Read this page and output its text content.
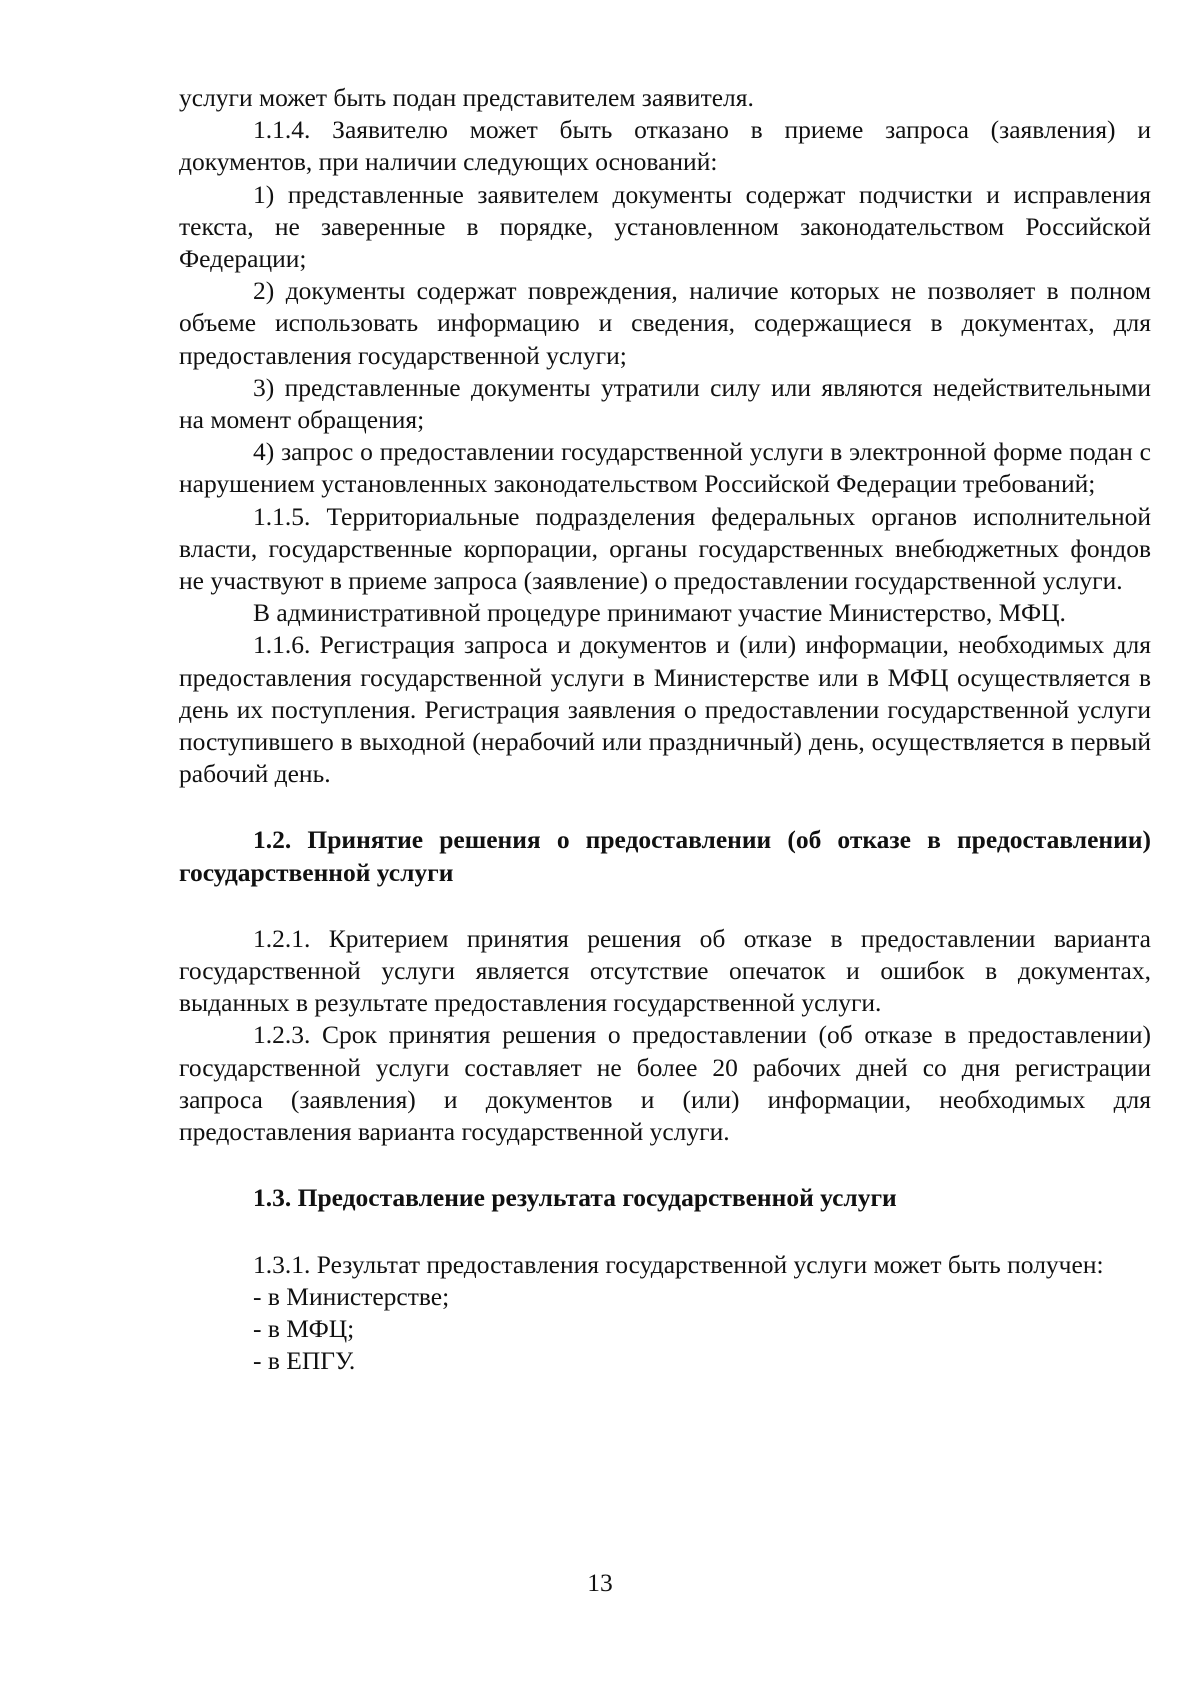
услуги может быть подан представителем заявителя.

1.1.4. Заявителю может быть отказано в приеме запроса (заявления) и документов, при наличии следующих оснований:

1) представленные заявителем документы содержат подчистки и исправления текста, не заверенные в порядке, установленном законодательством Российской Федерации;

2) документы содержат повреждения, наличие которых не позволяет в полном объеме использовать информацию и сведения, содержащиеся в документах, для предоставления государственной услуги;

3) представленные документы утратили силу или являются недействительными на момент обращения;

4) запрос о предоставлении государственной услуги в электронной форме подан с нарушением установленных законодательством Российской Федерации требований;

1.1.5. Территориальные подразделения федеральных органов исполнительной власти, государственные корпорации, органы государственных внебюджетных фондов не участвуют в приеме запроса (заявление) о предоставлении государственной услуги.

В административной процедуре принимают участие Министерство, МФЦ.

1.1.6. Регистрация запроса и документов и (или) информации, необходимых для предоставления государственной услуги в Министерстве или в МФЦ осуществляется в день их поступления. Регистрация заявления о предоставлении государственной услуги поступившего в выходной (нерабочий или праздничный) день, осуществляется в первый рабочий день.

1.2. Принятие решения о предоставлении (об отказе в предоставлении) государственной услуги

1.2.1. Критерием принятия решения об отказе в предоставлении варианта государственной услуги является отсутствие опечаток и ошибок в документах, выданных в результате предоставления государственной услуги.

1.2.3. Срок принятия решения о предоставлении (об отказе в предоставлении) государственной услуги составляет не более 20 рабочих дней со дня регистрации запроса (заявления) и документов и (или) информации, необходимых для предоставления варианта государственной услуги.

1.3. Предоставление результата государственной услуги

1.3.1. Результат предоставления государственной услуги может быть получен:

- в Министерстве;

- в МФЦ;

- в ЕПГУ.

13
